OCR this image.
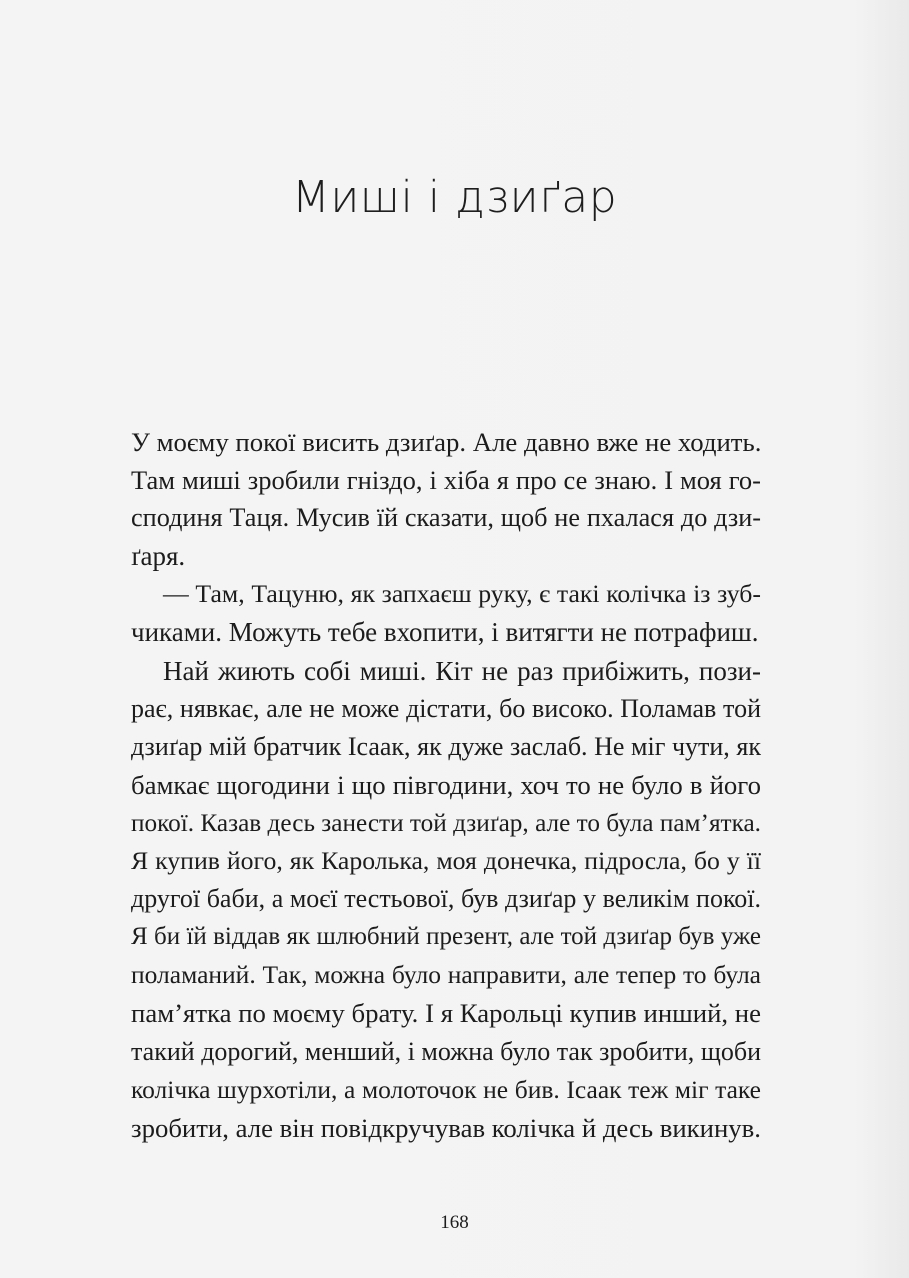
Миші і дзиґар
У моєму покої висить дзиґар. Але давно вже не ходить.
Там миші зробили гніздо, і хіба я про се знаю. І моя го-
сподиня Таця. Мусив їй сказати, щоб не пхалася до дзи-
ґаря.
— Там, Тацуню, як запхаєш руку, є такі колічка із зуб-
чиками. Можуть тебе вхопити, і витягти не потрафиш.
Най жиють собі миші. Кіт не раз прибіжить, пози-
рає, нявкає, але не може дістати, бо високо. Поламав той
дзиґар мій братчик Ісаак, як дуже заслаб. Не міг чути, як
бамкає щогодини і що півгодини, хоч то не було в його
покої. Казав десь занести той дзиґар, але то була пам’ятка.
Я купив його, як Каролька, моя донечка, підросла, бо у її
другої баби, а моєї тестьової, був дзиґар у великім покої.
Я би їй віддав як шлюбний презент, але той дзиґар був уже
поламаний. Так, можна було направити, але тепер то була
пам’ятка по моєму брату. І я Карольці купив инший, не
такий дорогий, менший, і можна було так зробити, щоби
колічка шурхотіли, а молоточок не бив. Ісаак теж міг таке
зробити, але він повідкручував колічка й десь викинув.
168
